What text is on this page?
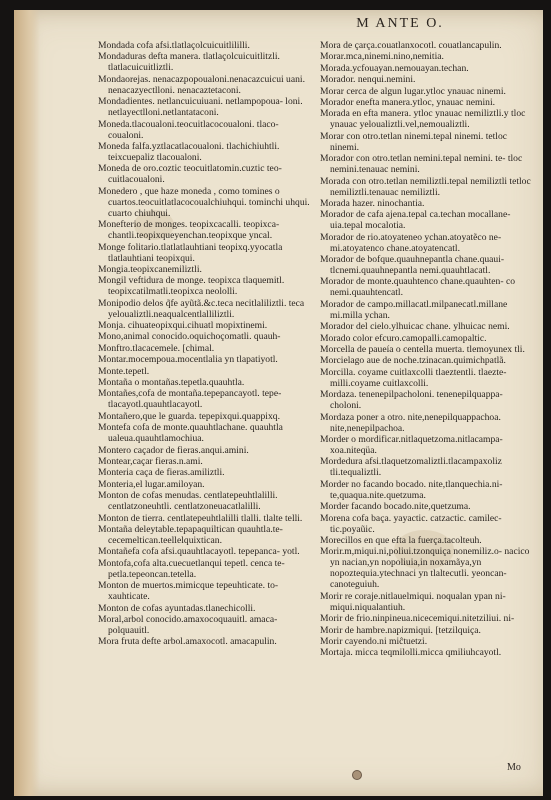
M ANTE O.
Mondada cofa afsi.tlatlaçolcuicuitlililli.
Mondaduras defta manera. tlatlaçolcuicuitlitzli. tlatlacuicuitliztli.
Mondaorejas. nenacazpopoualoni.nenacazcuicui uani. nenacazyectlloni. nenacaztetaconi.
Mondadientes. netlancuicuiuani. netlampopoua- loni. netlayectlloni.netlantataconi.
Moneda.tlacoualoni.teocuitlacocoualoni. tlaco- coualoni.
Moneda falfa.yztlacatlacoualoni. tlachichiuhtli. teixcuepaliz tlacoualoni.
Moneda de oro.coztic teocuitlatomin.cuztic teo- cuitlacoualoni.
Monedero , que haze moneda , como tomines o cuartos.teocuitlatlacocoualchiuhqui. tominchi uhqui. cuarto chiuhqui.
Monefterio de monges. teopixcacalli. teopixca- chantli.teopixqueyenchan.teopixque yncal.
Monge folitario.tlatlatlauhtiani teopixq.yyocatla tlatlauhtiani teopixqui.
Mongia.teopixcanemiliztli.
Mongil veftidura de monge. teopixca tlaquemitl. teopixcatilmatli.teopixca neololli.
Monipodio delos q̃fe ayũtã.&c.teca necitlaliliztli. teca yeloualiztli.neaqualcentlalliliztli.
Monja. cihuateopixqui.cihuatl mopixtinemi.
Mono,animal conocido.oquichoçomatli. quauh-
Monftro.tlacacemele. [chimal.
Montar.mocempoua.mocentlalia yn tlapatiyotl.
Monte.tepetl.
Montaña o montañas.tepetla.quauhtla.
Montañes,cofa de montaña.tepepancayotl. tepe- tlacayotl.quauhtlacayotl.
Montañero,que le guarda. tepepixqui.quappixq.
Montefa cofa de monte.quauhtlachane. quauhtla ualeua.quauhtlamochiua.
Montero caçador de fieras.anqui.amini.
Montear,caçar fieras.n.ami.
Monteria caça de fieras.amiliztli.
Monteria,el lugar.amiloyan.
Monton de cofas menudas. centlatepeuhtlalilli. centlatzoneuhtli. centlatzoneuacatlalilli.
Monton de tierra. centlatepeuhtlalilli tlalli. tlalte telli.
Montaña deleytable.tepapaquiltican quauhtla.te- cecemeltican.teellelquixtican.
Montañefa cofa afsi.quauhtlacayotl. tepepanca- yotl.
Montofa,cofa alta.cuecuetlanqui tepetl. cenca te- petla.tepeoncan.tetella.
Monton de muertos.mimicque tepeuhticate. to- xauhticate.
Monton de cofas ayuntadas.tlanechicolli.
Moral,arbol conocido.amaxocoquauitl. amaca- polquauitl.
Mora frutа defte arbol.amaxocotl. amacapulin.
Mora de çarça.couatlanxocotl. couatlancapulin.
Morar.mca,ninemi.nino,nemitia.
Morada.ycfouayan.nemouayan.techan.
Morador. nenqui.nemini.
Morar cerca de algun lugar.ytloc ynauac ninemi.
Morador enefta manera.ytloc, ynauac nemini.
Morada en efta manera. ytloc ynauac nemiliztli.y tloc ynauac yeloualiztli.vel,nemoualiztli.
Morar con otro.tetlan ninemi.tepal ninemi. tetloc ninemi.
Morador con otro.tetlan nemini.tepal nemini. te- tloc nemini.tenauac nemini.
Morada con otro.tetlan nemiliztli.tepal nemiliztli tetloc nemiliztli.tenauac nemiliztli.
Morada hazer. ninochantia.
Morador de cafa ajena.tepal ca.techan mocallane- uia.tepal mocalotia.
Morador de rio.atoyateneo ychan.atoyatẽco ne- mi.atoyatenco chane.atoyatencatl.
Morador de bofque.quauhnepantla chane.quaui- tlcnemi.quauhnepantla nemi.quauhtlacatl.
Morador de monte.quauhtenco chane.quauhten- co nemi.quauhtencatl.
Morador de campo.millacatl.milpanecatl.millane mi.milla ychan.
Morador del cielo.ylhuicac chane. ylhuicac nemi.
Morado color efcuro.camopalli.camopaltic.
Morcella de paueía o centella muerta. tlemoyunex tli.
Morcielago aue de noche.tzinacan.quimichpatlã.
Morcilla. coyame cuitlaxcolli tlaeztentli. tlaezte- milli.coyame cuitlaxcolli.
Mordaza. tenenepilpacholoni. tenenepilquappa- choloni.
Mordaza poner a otro. nite,nenepilquappachoa. nite,nenepilpachoa.
Morder o mordificar.nitlaquetzoma.nitlacampa- xoa.niteqüa.
Mordedura afsi.tlaquetzomaliztli.tlacampaxoliz tli.tequaliztli.
Morder no facando bocado. nite,tlanquechia.ni- te,quaqua.nite.quetzuma.
Morder facando bocado.nite,quetzuma.
Morena cofa baça. yayactic. catzactic. camilec- tic.poyaũic.
Morecillos en que efta la fuerça.tacolteuh.
Morir.m,miqui.ni,poliui.tzonquiça nonemiliz.o- nacico yn nacian,yn nopoliuia,in noxamãya,yn nopoztequia.ytechnaci yn tlaltecutli. yeoncan- canoteguiuh.
Morir re coraje.nitlauelmiqui. noqualan ypan ni- miqui.niqualantiuh.
Morir de frio.ninpineua.nicecemiqui.nitetziliui. ni-
Morir de hambre.napizmiqui. [tetzilquiça.
Morir cayendo.ni miĉtuetzi.
Mortaja. micca teqmilolli.micca qmiliuhcayotl.
Mo
